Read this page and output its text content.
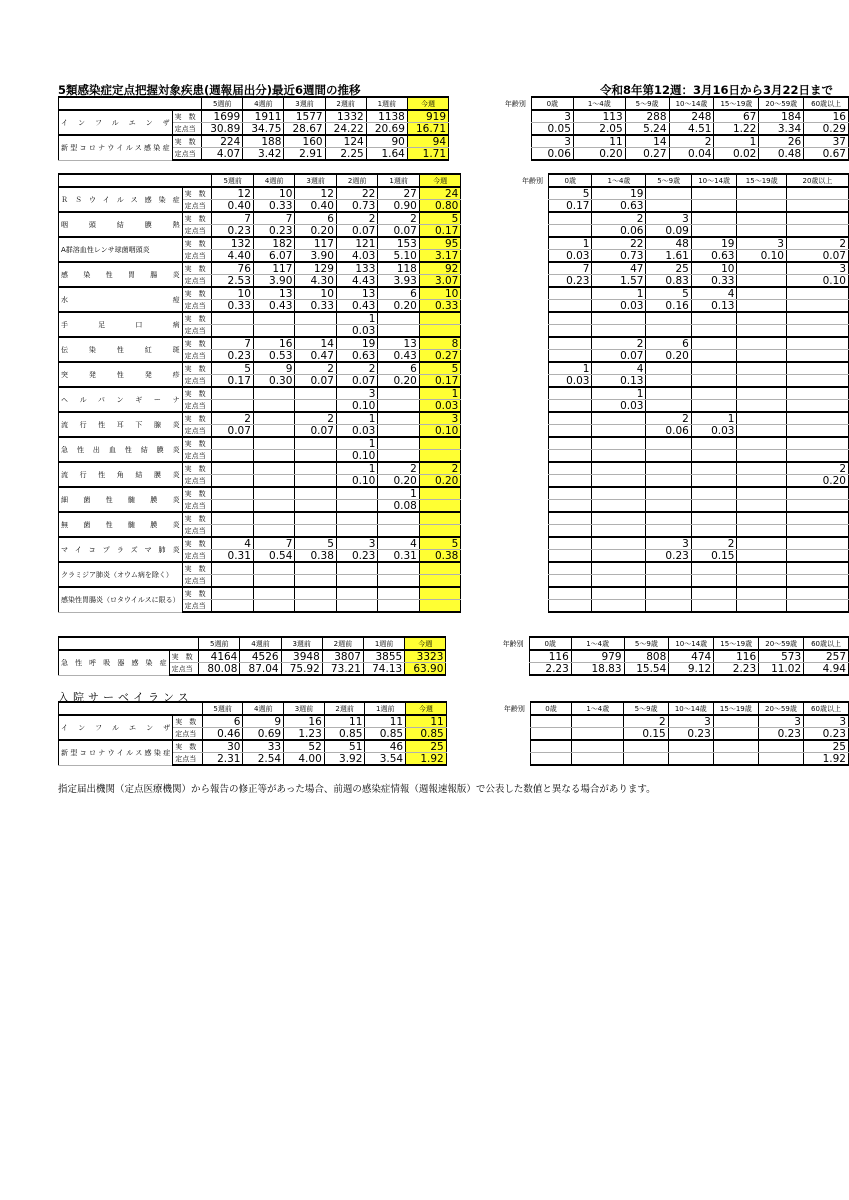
5類感染症定点把握対象疾患(週報届出分)最近6週間の推移	令和8年第12週：3月16日から3月22日まで
		5週前	4週前	3週前	2週前	1週前	今週		年齢別	0歳	1～4歳	5～9歳	10～14歳	15～19歳	20～59歳	60歳以上
インフルエンザ	実　数	1699	1911	1577	1332	1138	919			3	113	288	248	67	184	16
	定点当	30.89	34.75	28.67	24.22	20.69	16.71			0.05	2.05	5.24	4.51	1.22	3.34	0.29
新型コロナウイルス感染症	実　数	224	188	160	124	90	94			3	11	14	2	1	26	37
	定点当	4.07	3.42	2.91	2.25	1.64	1.71			0.06	0.20	0.27	0.04	0.02	0.48	0.67
		5週前	4週前	3週前	2週前	1週前	今週		年齢別	0歳	1～4歳	5～9歳	10～14歳	15～19歳	20歳以上
ＲＳウイルス感染症	実　数	12	10	12	22	27	24			5	19				
	定点当	0.40	0.33	0.40	0.73	0.90	0.80			0.17	0.63				
咽頭結膜熱	実　数	7	7	6	2	2	5				2	3			
	定点当	0.23	0.23	0.20	0.07	0.07	0.17				0.06	0.09			
A群溶血性レンサ球菌咽頭炎	実　数	132	182	117	121	153	95			1	22	48	19	3	2
	定点当	4.40	6.07	3.90	4.03	5.10	3.17			0.03	0.73	1.61	0.63	0.10	0.07
感染性胃腸炎	実　数	76	117	129	133	118	92			7	47	25	10		3
	定点当	2.53	3.90	4.30	4.43	3.93	3.07			0.23	1.57	0.83	0.33		0.10
水痘	実　数	10	13	10	13	6	10				1	5	4		
	定点当	0.33	0.43	0.33	0.43	0.20	0.33				0.03	0.16	0.13		
手足口病	実　数				1										
	定点当				0.03										
伝染性紅斑	実　数	7	16	14	19	13	8				2	6			
	定点当	0.23	0.53	0.47	0.63	0.43	0.27				0.07	0.20			
突発性発疹	実　数	5	9	2	2	6	5			1	4				
	定点当	0.17	0.30	0.07	0.07	0.20	0.17			0.03	0.13				
ヘルパンギーナ	実　数				3		1				1				
	定点当				0.10		0.03				0.03				
流行性耳下腺炎	実　数	2		2	1		3					2	1		
	定点当	0.07		0.07	0.03		0.10					0.06	0.03		
急性出血性結膜炎	実　数				1										
	定点当				0.10										
流行性角結膜炎	実　数				1	2	2								2
	定点当				0.10	0.20	0.20								0.20
細菌性髄膜炎	実　数					1									
	定点当					0.08									
無菌性髄膜炎	実　数														
	定点当														
マイコプラズマ肺炎	実　数	4	7	5	3	4	5					3	2		
	定点当	0.31	0.54	0.38	0.23	0.31	0.38					0.23	0.15		
クラミジア肺炎（オウム病を除く）	実　数														
	定点当														
感染性胃腸炎（ロタウイルスに限る）	実　数														
	定点当														
		5週前	4週前	3週前	2週前	1週前	今週		年齢別	0歳	1～4歳	5～9歳	10～14歳	15～19歳	20～59歳	60歳以上
急性呼吸器感染症	実　数	4164	4526	3948	3807	3855	3323			116	979	808	474	116	573	257
	定点当	80.08	87.04	75.92	73.21	74.13	63.90			2.23	18.83	15.54	9.12	2.23	11.02	4.94
入院サーベイランス
		5週前	4週前	3週前	2週前	1週前	今週		年齢別	0歳	1～4歳	5～9歳	10～14歳	15～19歳	20～59歳	60歳以上
インフルエンザ	実　数	6	9	16	11	11	11					2	3		3	3
	定点当	0.46	0.69	1.23	0.85	0.85	0.85					0.15	0.23		0.23	0.23
新型コロナウイルス感染症	実　数	30	33	52	51	46	25									25
	定点当	2.31	2.54	4.00	3.92	3.54	1.92									1.92
指定届出機関（定点医療機関）から報告の修正等があった場合、前週の感染症情報（週報速報版）で公表した数値と異なる場合があります。
